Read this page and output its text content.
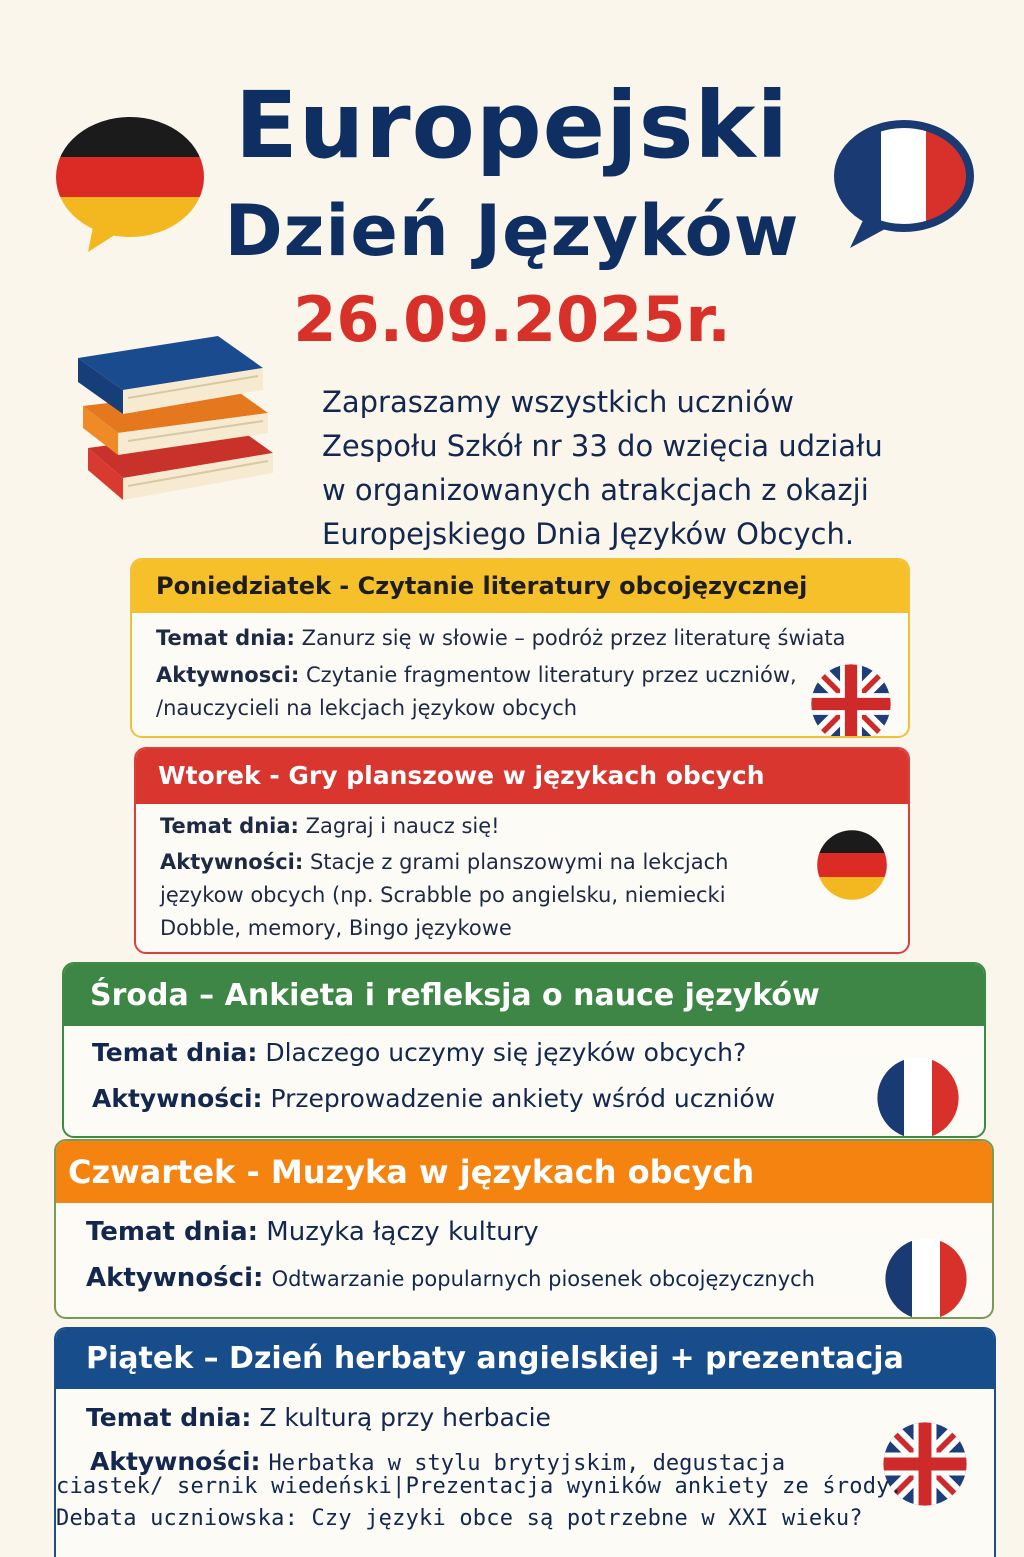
Europejski
Dzień Języków
26.09.2025r.
Zapraszamy wszystkich uczniów
Zespołu Szkół nr 33 do wzięcia udziału
w organizowanych atrakcjach z okazji
Europejskiego Dnia Języków Obcych.
Poniedziatek - Czytanie literatury obcojęzycznej
Temat dnia: Zanurz się w słowie – podróż przez literaturę świata
Aktywnosci: Czytanie fragmentow literatury przez uczniów,
/nauczycieli na lekcjach językow obcych
Wtorek - Gry planszowe w językach obcych
Temat dnia: Zagraj i naucz się!
Aktywności: Stacje z grami planszowymi na lekcjach
językow obcych (np. Scrabble po angielsku, niemiecki
Dobble, memory, Bingo językowe
Środa – Ankieta i refleksja o nauce języków
Temat dnia: Dlaczego uczymy się języków obcych?
Aktywności: Przeprowadzenie ankiety wśród uczniów
Czwartek - Muzyka w językach obcych
Temat dnia: Muzyka łączy kultury
Aktywności: Odtwarzanie popularnych piosenek obcojęzycznych
Piątek – Dzień herbaty angielskiej + prezentacja
Temat dnia: Z kulturą przy herbacie
Aktywności: Herbatka w stylu brytyjskim, degustacja
ciastek/ sernik wiedeński|Prezentacja wyników ankiety ze środy.
Debata uczniowska: Czy języki obce są potrzebne w XXI wieku?
